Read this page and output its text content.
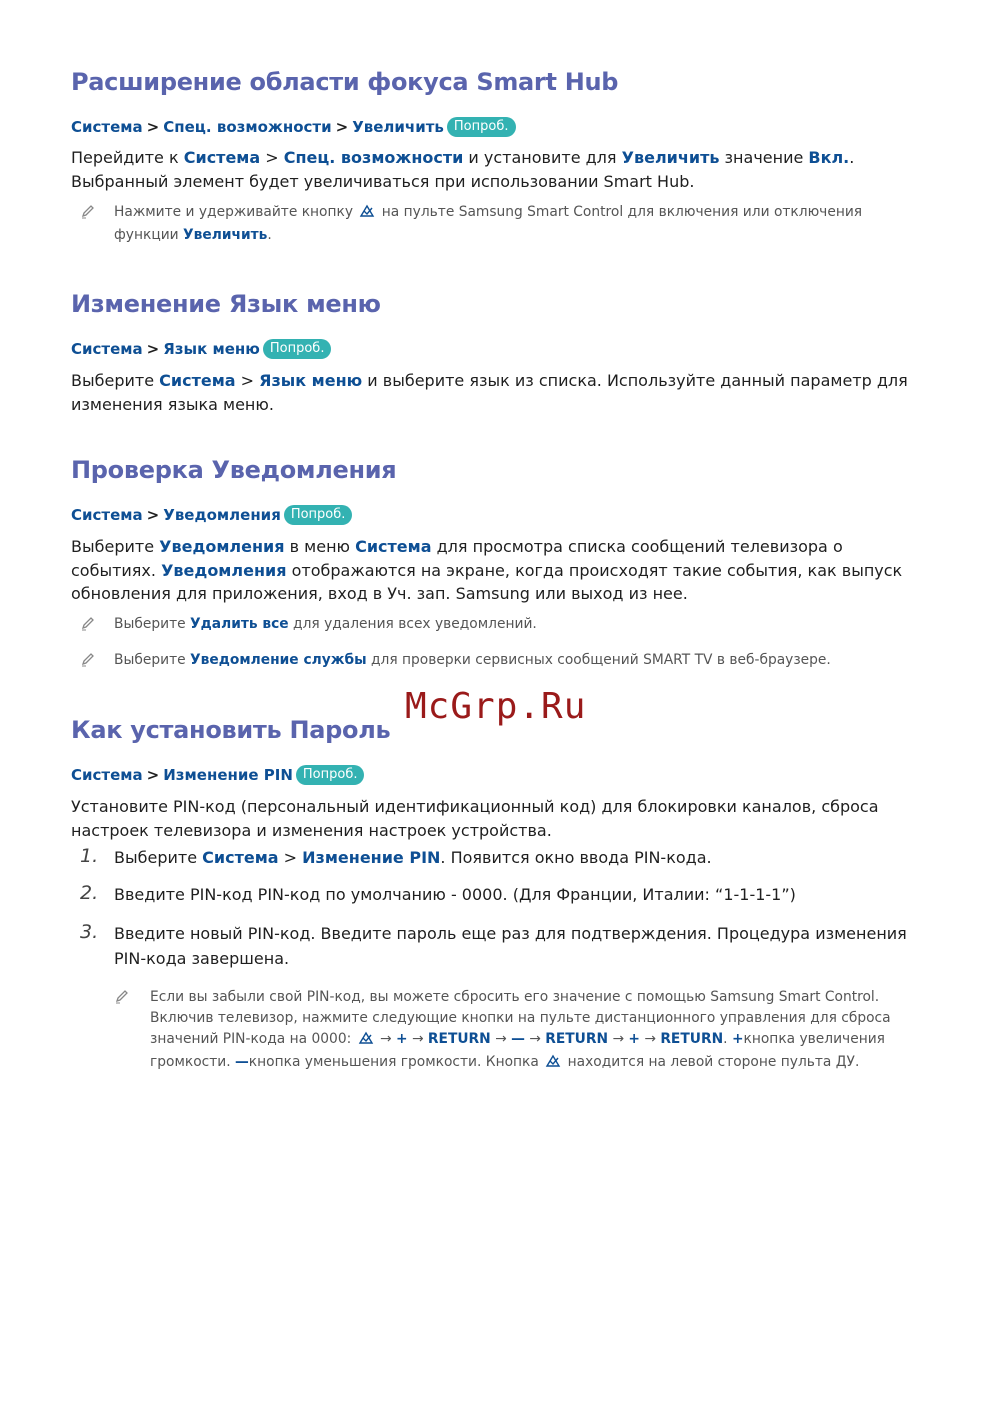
Расширение области фокуса Smart Hub
Система > Спец. возможности > Увеличить Попроб.

Перейдите к Система > Спец. возможности и установите для Увеличить значение Вкл.. Выбранный элемент будет увеличиваться при использовании Smart Hub.

Нажмите и удерживайте кнопку  на пульте Samsung Smart Control для включения или отключения функции Увеличить.

Изменение Язык меню
Система > Язык меню Попроб.

Выберите Система > Язык меню и выберите язык из списка. Используйте данный параметр для изменения языка меню.

Проверка Уведомления
Система > Уведомления Попроб.

Выберите Уведомления в меню Система для просмотра списка сообщений телевизора о событиях. Уведомления отображаются на экране, когда происходят такие события, как выпуск обновления для приложения, вход в Уч. зап. Samsung или выход из нее.

Выберите Удалить все для удаления всех уведомлений.

Выберите Уведомление службы для проверки сервисных сообщений SMART TV в веб-браузере.

McGrp.Ru
Как установить Пароль
Система > Изменение PIN Попроб.

Установите PIN-код (персональный идентификационный код) для блокировки каналов, сброса настроек телевизора и изменения настроек устройства.

1. Выберите Система > Изменение PIN. Появится окно ввода PIN-кода.

2. Введите PIN-код PIN-код по умолчанию - 0000. (Для Франции, Италии: “1-1-1-1”)

3. Введите новый PIN-код. Введите пароль еще раз для подтверждения. Процедура изменения PIN-кода завершена.

Если вы забыли свой PIN-код, вы можете сбросить его значение с помощью Samsung Smart Control. Включив телевизор, нажмите следующие кнопки на пульте дистанционного управления для сброса значений PIN-кода на 0000:  → + → RETURN → — → RETURN → + → RETURN. +кнопка увеличения громкости. —кнопка уменьшения громкости. Кнопка  находится на левой стороне пульта ДУ.
